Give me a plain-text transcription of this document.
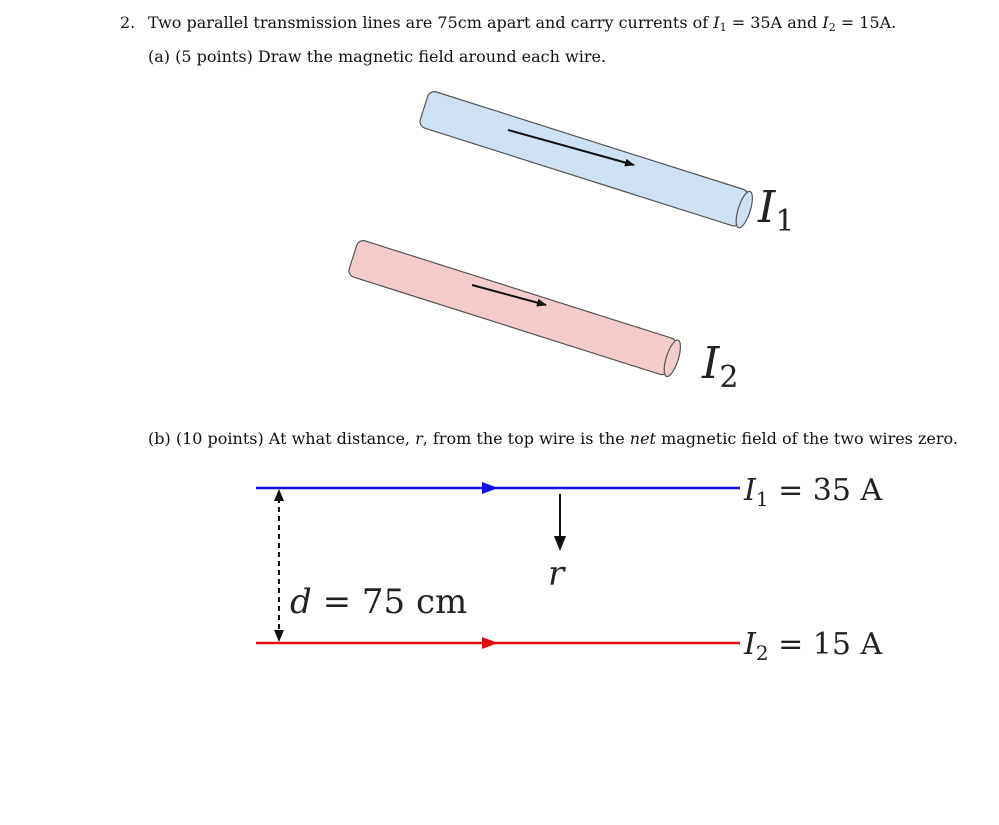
2. Two parallel transmission lines are 75cm apart and carry currents of $I_1 = 35A$ and $I_2 = 15A$.
(a) (5 points) Draw the magnetic field around each wire.
$I_1$
$I_2$
(b) (10 points) At what distance, r, from the top wire is the net magnetic field of the two wires zero.
$I_1 = 35$ A
$I_2 = 15$ A
r
d = 75 cm
